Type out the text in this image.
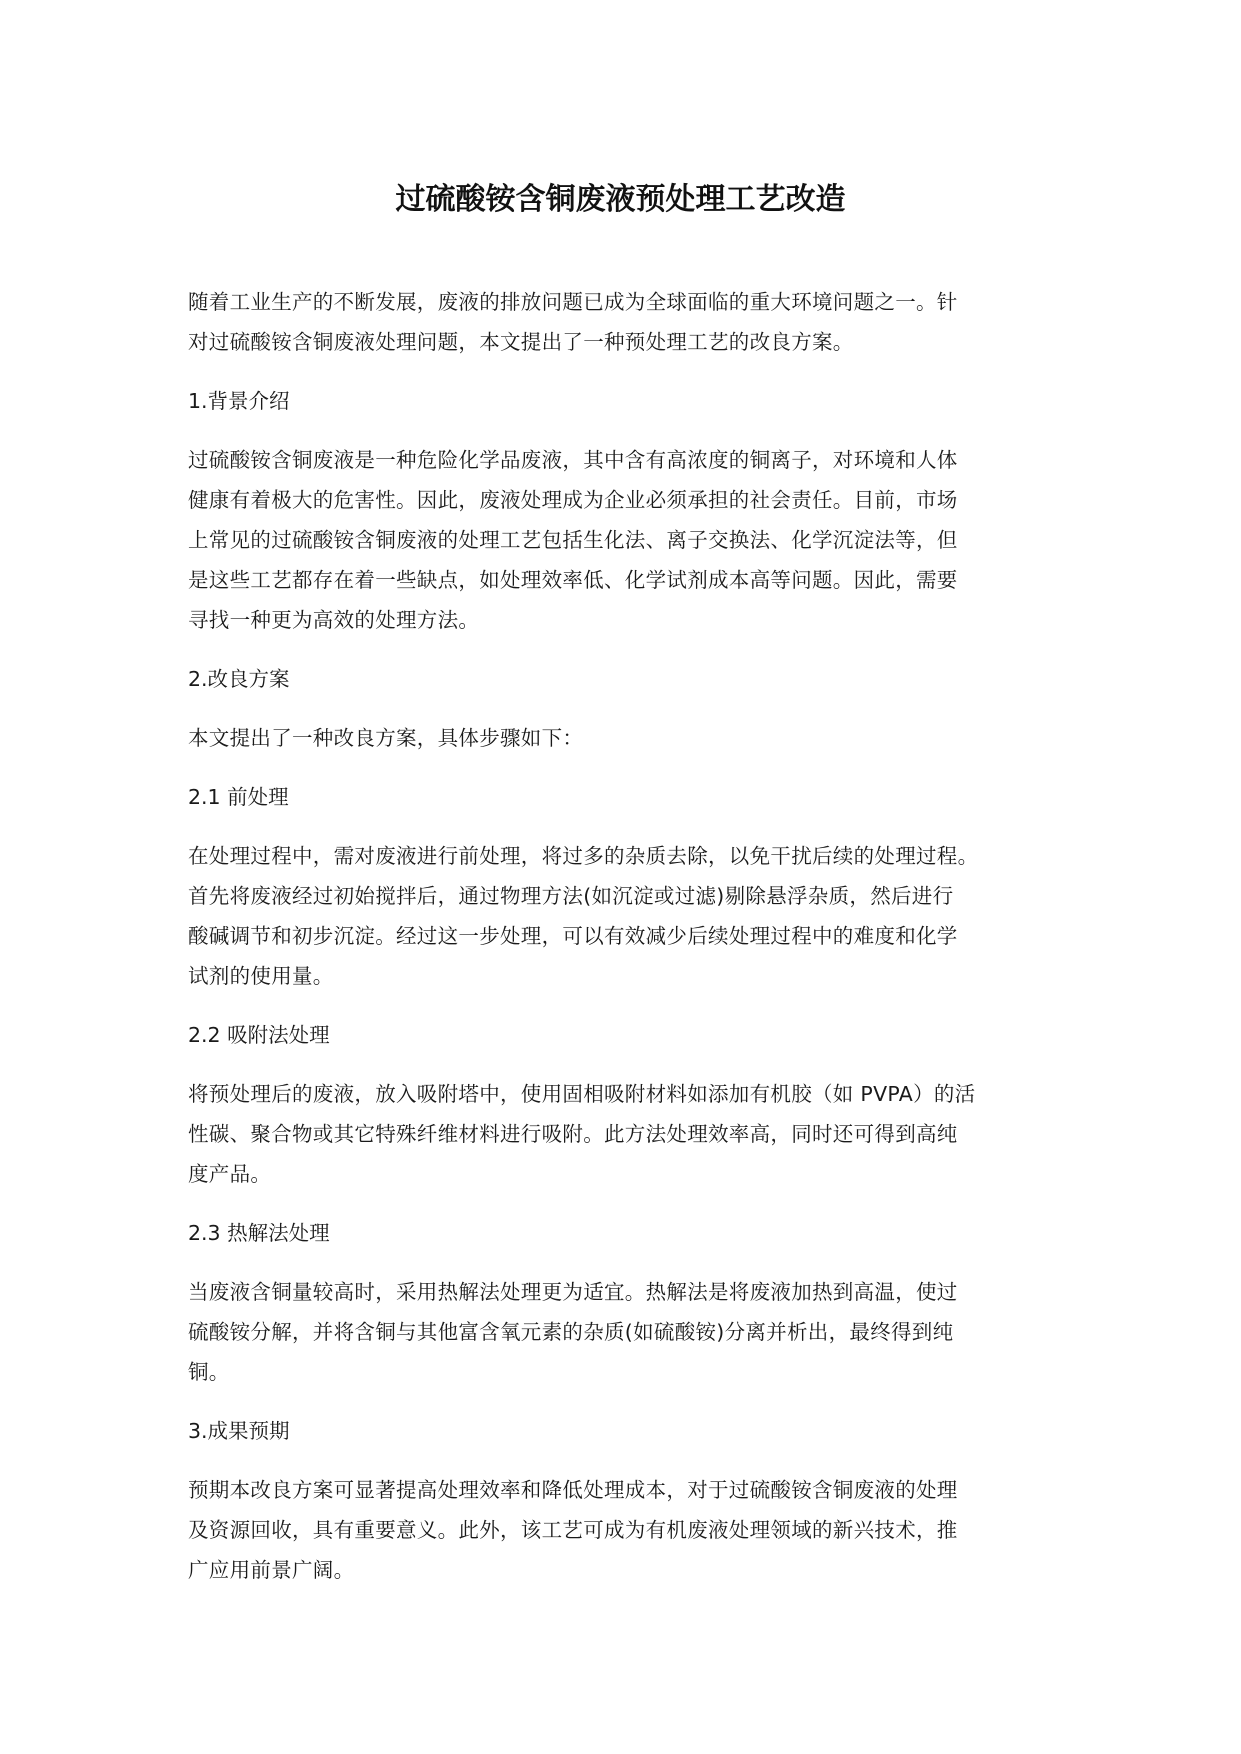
过硫酸铵含铜废液预处理工艺改造
随着工业生产的不断发展，废液的排放问题已成为全球面临的重大环境问题之一。针
对过硫酸铵含铜废液处理问题，本文提出了一种预处理工艺的改良方案。
1.背景介绍
过硫酸铵含铜废液是一种危险化学品废液，其中含有高浓度的铜离子，对环境和人体
健康有着极大的危害性。因此，废液处理成为企业必须承担的社会责任。目前，市场
上常见的过硫酸铵含铜废液的处理工艺包括生化法、离子交换法、化学沉淀法等，但
是这些工艺都存在着一些缺点，如处理效率低、化学试剂成本高等问题。因此，需要
寻找一种更为高效的处理方法。
2.改良方案
本文提出了一种改良方案，具体步骤如下：
2.1 前处理
在处理过程中，需对废液进行前处理，将过多的杂质去除，以免干扰后续的处理过程。
首先将废液经过初始搅拌后，通过物理方法(如沉淀或过滤)剔除悬浮杂质，然后进行
酸碱调节和初步沉淀。经过这一步处理，可以有效减少后续处理过程中的难度和化学
试剂的使用量。
2.2 吸附法处理
将预处理后的废液，放入吸附塔中，使用固相吸附材料如添加有机胶（如 PVPA）的活
性碳、聚合物或其它特殊纤维材料进行吸附。此方法处理效率高，同时还可得到高纯
度产品。
2.3 热解法处理
当废液含铜量较高时，采用热解法处理更为适宜。热解法是将废液加热到高温，使过
硫酸铵分解，并将含铜与其他富含氧元素的杂质(如硫酸铵)分离并析出，最终得到纯
铜。
3.成果预期
预期本改良方案可显著提高处理效率和降低处理成本，对于过硫酸铵含铜废液的处理
及资源回收，具有重要意义。此外，该工艺可成为有机废液处理领域的新兴技术，推
广应用前景广阔。
